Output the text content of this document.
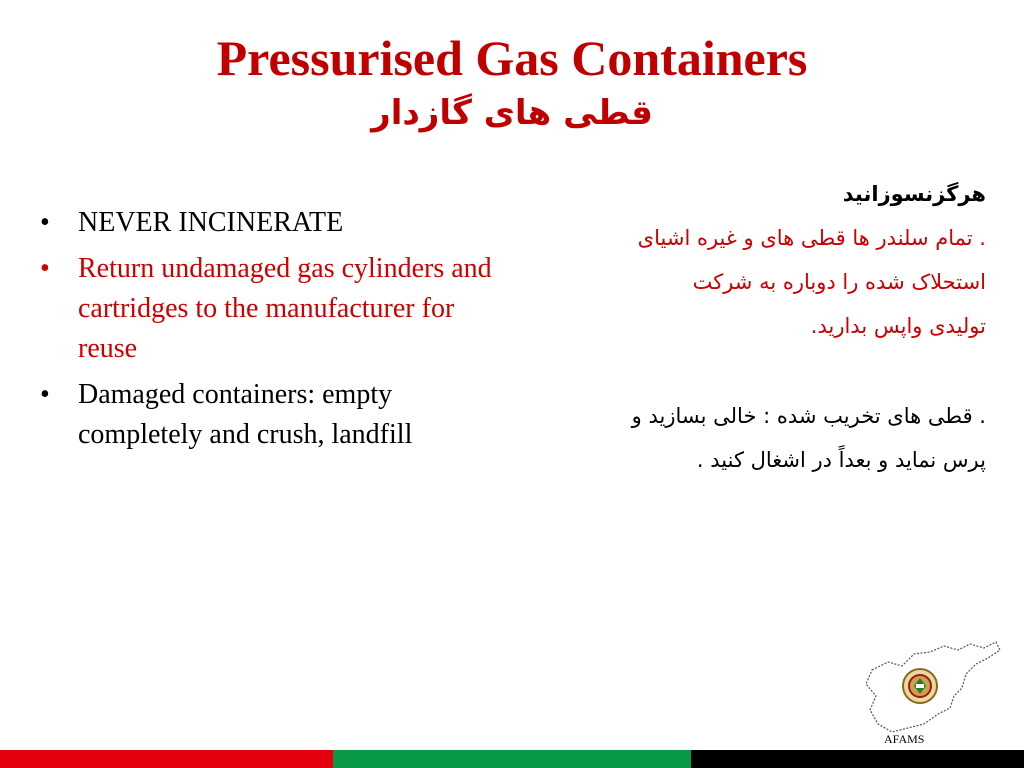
Pressurised Gas Containers
قطی های گازدار
• NEVER INCINERATE
• Return undamaged gas cylinders and cartridges to the manufacturer for reuse
• Damaged containers: empty completely and crush, landfill
هرگزنسوزانید
. تمام سلندر ها قطی های و غیره اشیای
استحلاک شده را دوباره به شرکت
تولیدی واپس بدارید.
. قطی های تخریب شده : خالی بسازید و
پرس نماید و بعداً در اشغال کنید .
AFAMS
